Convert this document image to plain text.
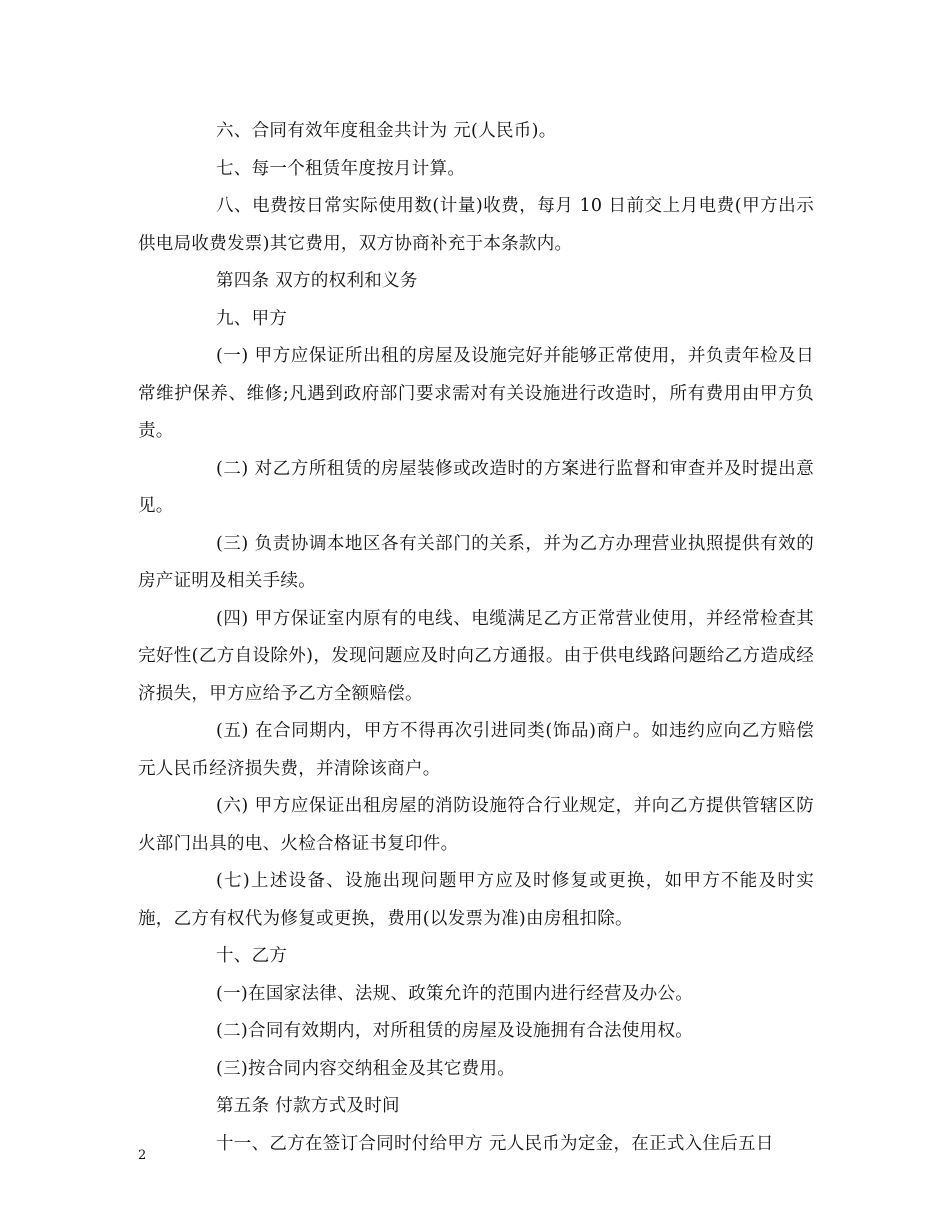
六、合同有效年度租金共计为 元(人民币)。

七、每一个租赁年度按月计算。

八、电费按日常实际使用数(计量)收费，每月 10 日前交上月电费(甲方出示供电局收费发票)其它费用，双方协商补充于本条款内。

第四条 双方的权利和义务

九、甲方

(一) 甲方应保证所出租的房屋及设施完好并能够正常使用，并负责年检及日常维护保养、维修;凡遇到政府部门要求需对有关设施进行改造时，所有费用由甲方负责。

(二) 对乙方所租赁的房屋装修或改造时的方案进行监督和审查并及时提出意见。

(三) 负责协调本地区各有关部门的关系，并为乙方办理营业执照提供有效的房产证明及相关手续。

(四) 甲方保证室内原有的电线、电缆满足乙方正常营业使用，并经常检查其完好性(乙方自设除外)，发现问题应及时向乙方通报。由于供电线路问题给乙方造成经济损失，甲方应给予乙方全额赔偿。

(五) 在合同期内，甲方不得再次引进同类(饰品)商户。如违约应向乙方赔偿 元人民币经济损失费，并清除该商户。

(六) 甲方应保证出租房屋的消防设施符合行业规定，并向乙方提供管辖区防火部门出具的电、火检合格证书复印件。

(七)上述设备、设施出现问题甲方应及时修复或更换，如甲方不能及时实施，乙方有权代为修复或更换，费用(以发票为准)由房租扣除。

十、乙方

(一)在国家法律、法规、政策允许的范围内进行经营及办公。

(二)合同有效期内，对所租赁的房屋及设施拥有合法使用权。

(三)按合同内容交纳租金及其它费用。

第五条 付款方式及时间

十一、乙方在签订合同时付给甲方 元人民币为定金，在正式入住后五日

2
